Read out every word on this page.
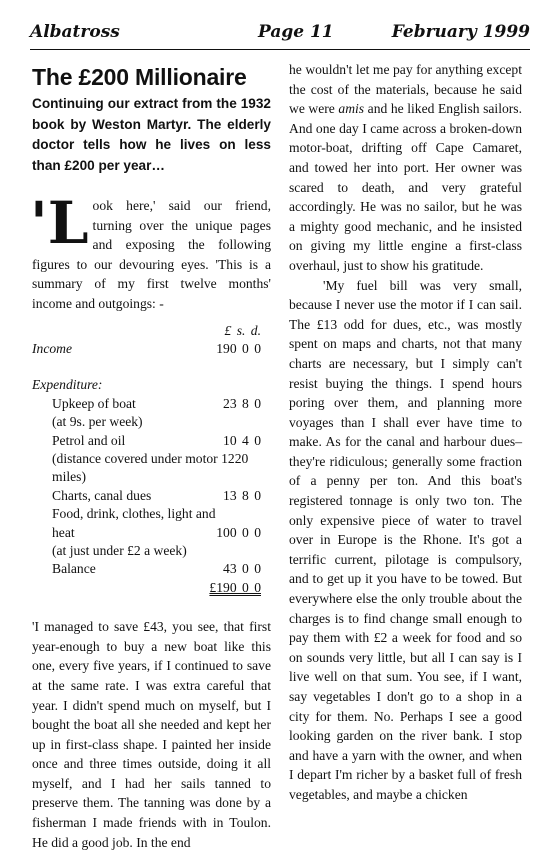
Albatross	Page 11	February 1999
The £200 Millionaire

Continuing our extract from the 1932 book by Weston Martyr. The elderly doctor tells how he lives on less than £200 per year…

'L ook here,' said our friend, turning over the unique pages and exposing the following figures to our devouring eyes. 'This is a summary of my first twelve months' income and outgoings: -

£ s. d.
Income	190 0 0
Expenditure:
Upkeep of boat	23 8 0
(at 9s. per week)
Petrol and oil	10 4 0
(distance covered under motor 1220 miles)
Charts, canal dues	13 8 0
Food, drink, clothes, light and heat	100 0 0
(at just under £2 a week)
Balance	43 0 0
£190 0 0

'I managed to save £43, you see, that first year-enough to buy a new boat like this one, every five years, if I continued to save at the same rate. I was extra careful that year. I didn't spend much on myself, but I bought the boat all she needed and kept her up in first-class shape. I painted her inside once and three times outside, doing it all myself, and I had her sails tanned to preserve them. The tanning was done by a fisherman I made friends with in Toulon. He did a good job. In the end

he wouldn't let me pay for anything except the cost of the materials, because he said we were amis and he liked English sailors. And one day I came across a broken-down motor-boat, drifting off Cape Camaret, and towed her into port. Her owner was scared to death, and very grateful accordingly. He was no sailor, but he was a mighty good mechanic, and he insisted on giving my little engine a first-class overhaul, just to show his gratitude.

'My fuel bill was very small, because I never use the motor if I can sail. The £13 odd for dues, etc., was mostly spent on maps and charts, not that many charts are necessary, but I simply can't resist buying the things. I spend hours poring over them, and planning more voyages than I shall ever have time to make. As for the canal and harbour dues–they're ridiculous; generally some fraction of a penny per ton. And this boat's registered tonnage is only two ton. The only expensive piece of water to travel over in Europe is the Rhone. It's got a terrific current, pilotage is compulsory, and to get up it you have to be towed. But everywhere else the only trouble about the charges is to find change small enough to pay them with £2 a week for food and so on sounds very little, but all I can say is I live well on that sum. You see, if I want, say vegetables I don't go to a shop in a city for them. No. Perhaps I see a good looking garden on the river bank. I stop and have a yarn with the owner, and when I depart I'm richer by a basket full of fresh vegetables, and maybe a chicken
